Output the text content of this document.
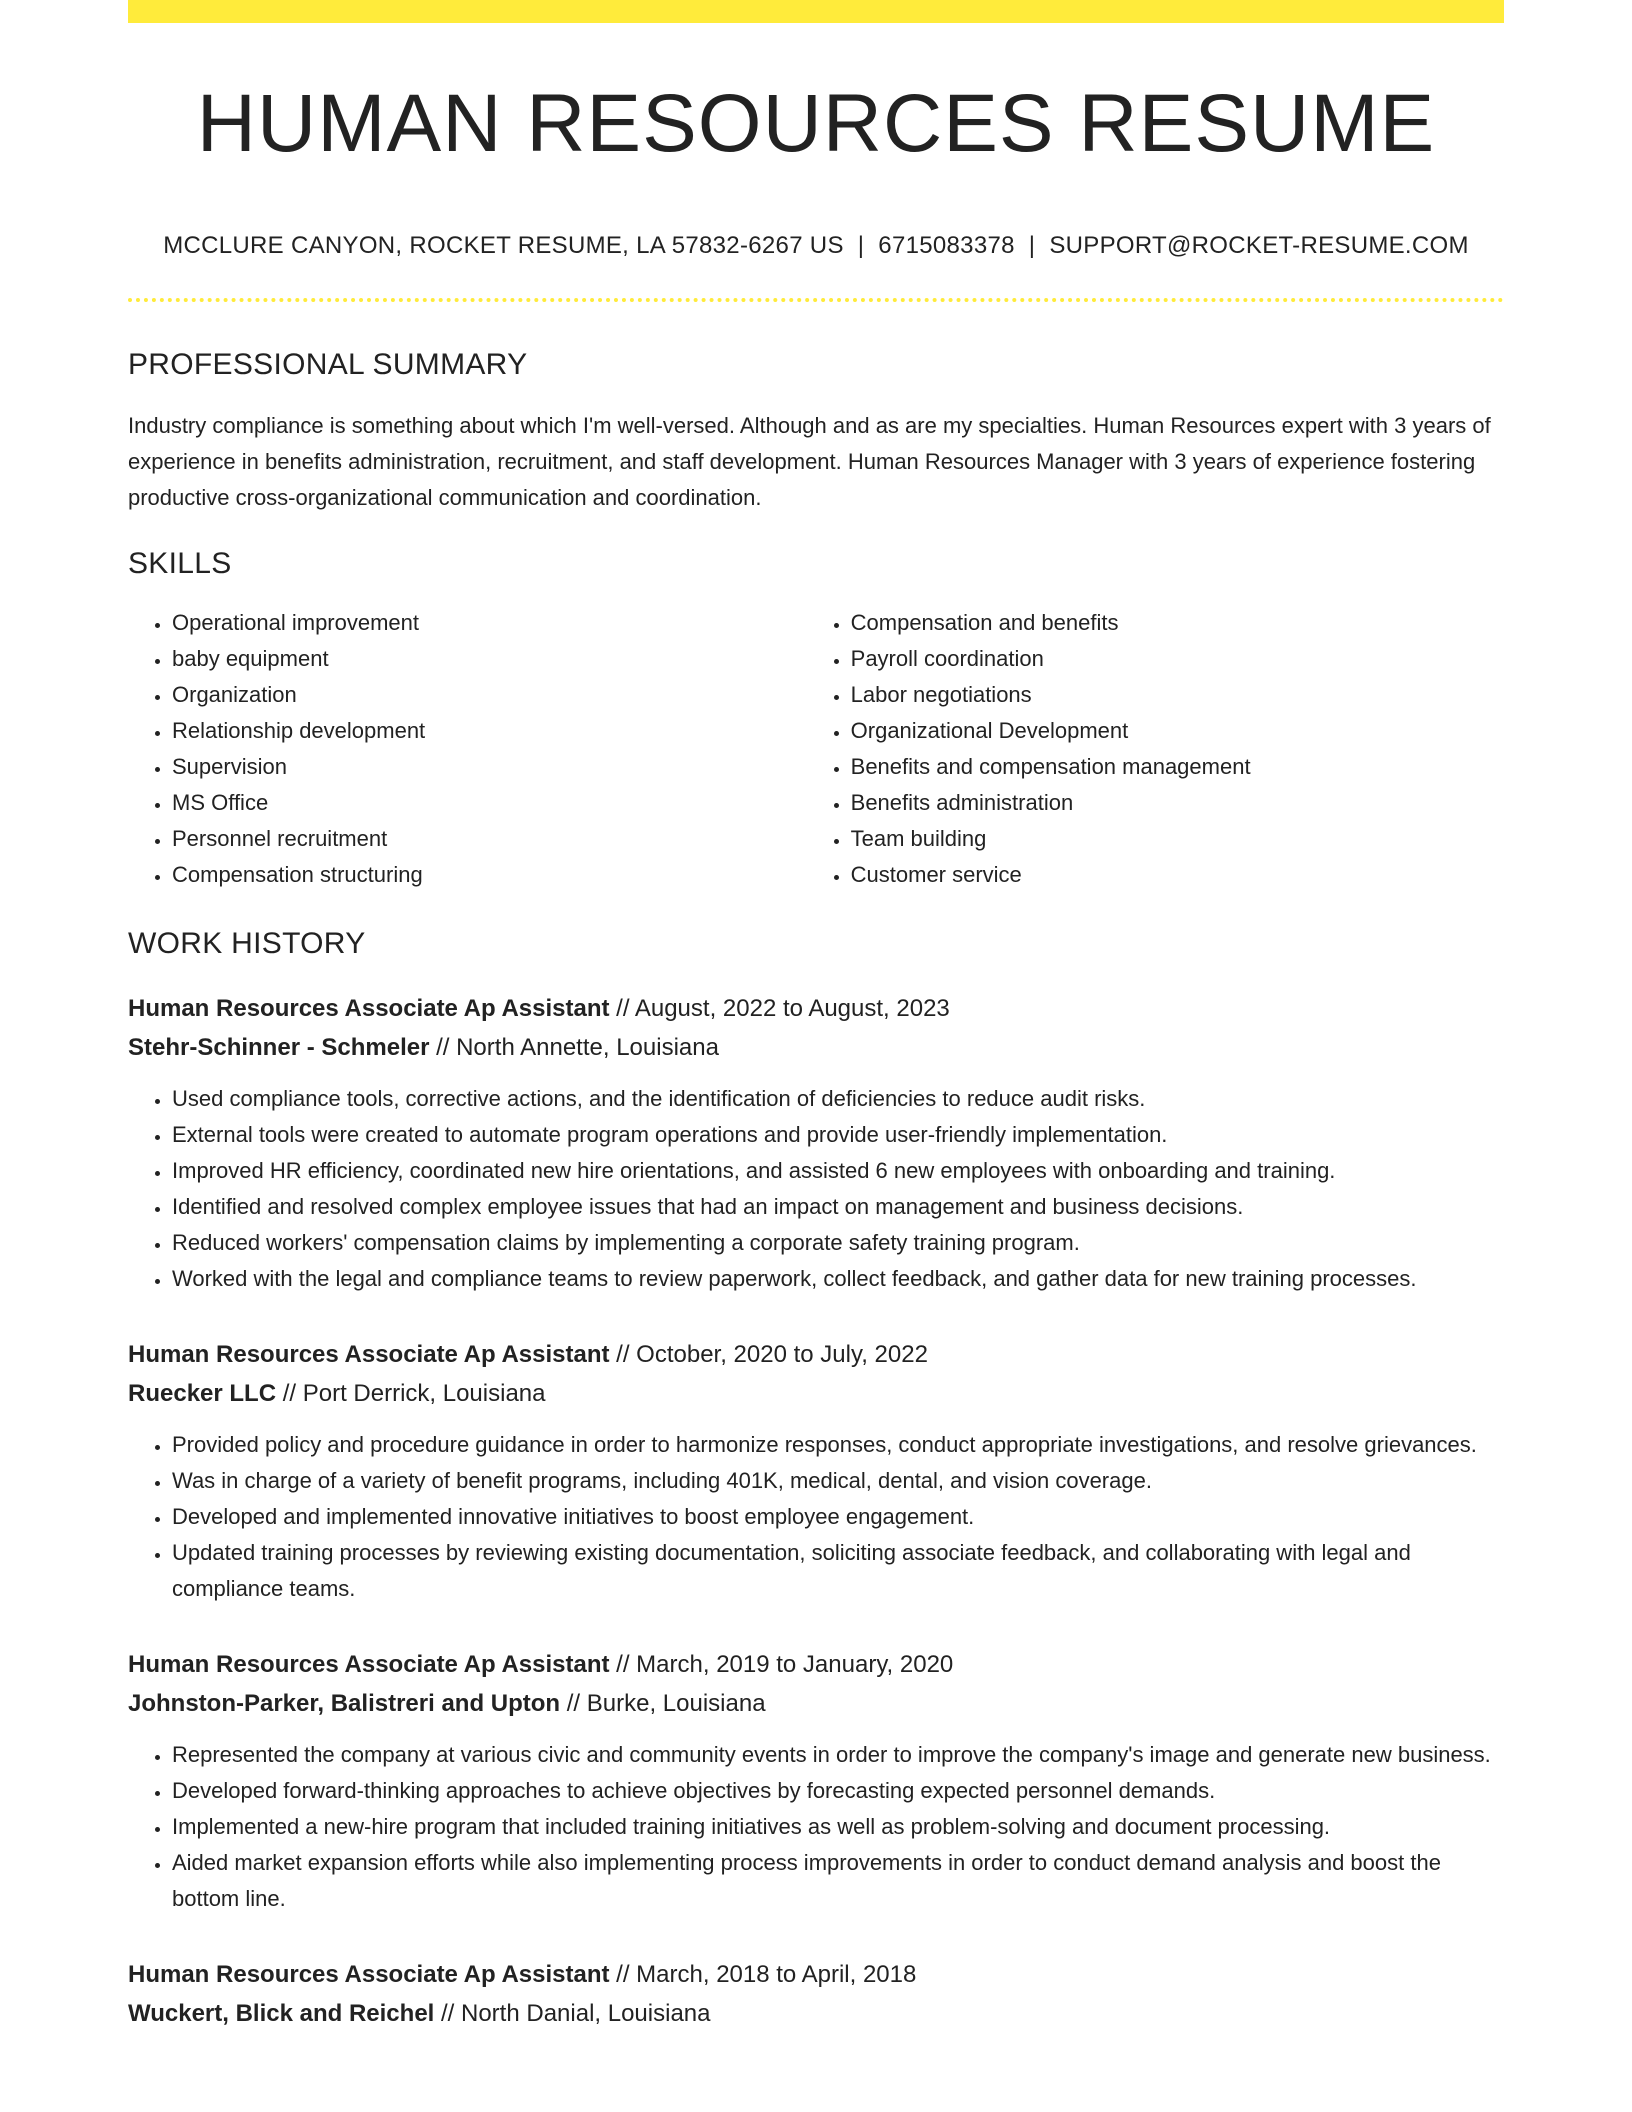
HUMAN RESOURCES RESUME
MCCLURE CANYON, ROCKET RESUME, LA 57832-6267 US | 6715083378 | SUPPORT@ROCKET-RESUME.COM
PROFESSIONAL SUMMARY

Industry compliance is something about which I'm well-versed. Although and as are my specialties. Human Resources expert with 3 years of experience in benefits administration, recruitment, and staff development. Human Resources Manager with 3 years of experience fostering productive cross-organizational communication and coordination.

SKILLS
• Operational improvement
• baby equipment
• Organization
• Relationship development
• Supervision
• MS Office
• Personnel recruitment
• Compensation structuring
• Compensation and benefits
• Payroll coordination
• Labor negotiations
• Organizational Development
• Benefits and compensation management
• Benefits administration
• Team building
• Customer service
WORK HISTORY
Human Resources Associate Ap Assistant // August, 2022 to August, 2023
Stehr-Schinner - Schmeler // North Annette, Louisiana
• Used compliance tools, corrective actions, and the identification of deficiencies to reduce audit risks.
• External tools were created to automate program operations and provide user-friendly implementation.
• Improved HR efficiency, coordinated new hire orientations, and assisted 6 new employees with onboarding and training.
• Identified and resolved complex employee issues that had an impact on management and business decisions.
• Reduced workers' compensation claims by implementing a corporate safety training program.
• Worked with the legal and compliance teams to review paperwork, collect feedback, and gather data for new training processes.
Human Resources Associate Ap Assistant // October, 2020 to July, 2022
Ruecker LLC // Port Derrick, Louisiana
• Provided policy and procedure guidance in order to harmonize responses, conduct appropriate investigations, and resolve grievances.
• Was in charge of a variety of benefit programs, including 401K, medical, dental, and vision coverage.
• Developed and implemented innovative initiatives to boost employee engagement.
• Updated training processes by reviewing existing documentation, soliciting associate feedback, and collaborating with legal and compliance teams.
Human Resources Associate Ap Assistant // March, 2019 to January, 2020
Johnston-Parker, Balistreri and Upton // Burke, Louisiana
• Represented the company at various civic and community events in order to improve the company's image and generate new business.
• Developed forward-thinking approaches to achieve objectives by forecasting expected personnel demands.
• Implemented a new-hire program that included training initiatives as well as problem-solving and document processing.
• Aided market expansion efforts while also implementing process improvements in order to conduct demand analysis and boost the bottom line.
Human Resources Associate Ap Assistant // March, 2018 to April, 2018
Wuckert, Blick and Reichel // North Danial, Louisiana
